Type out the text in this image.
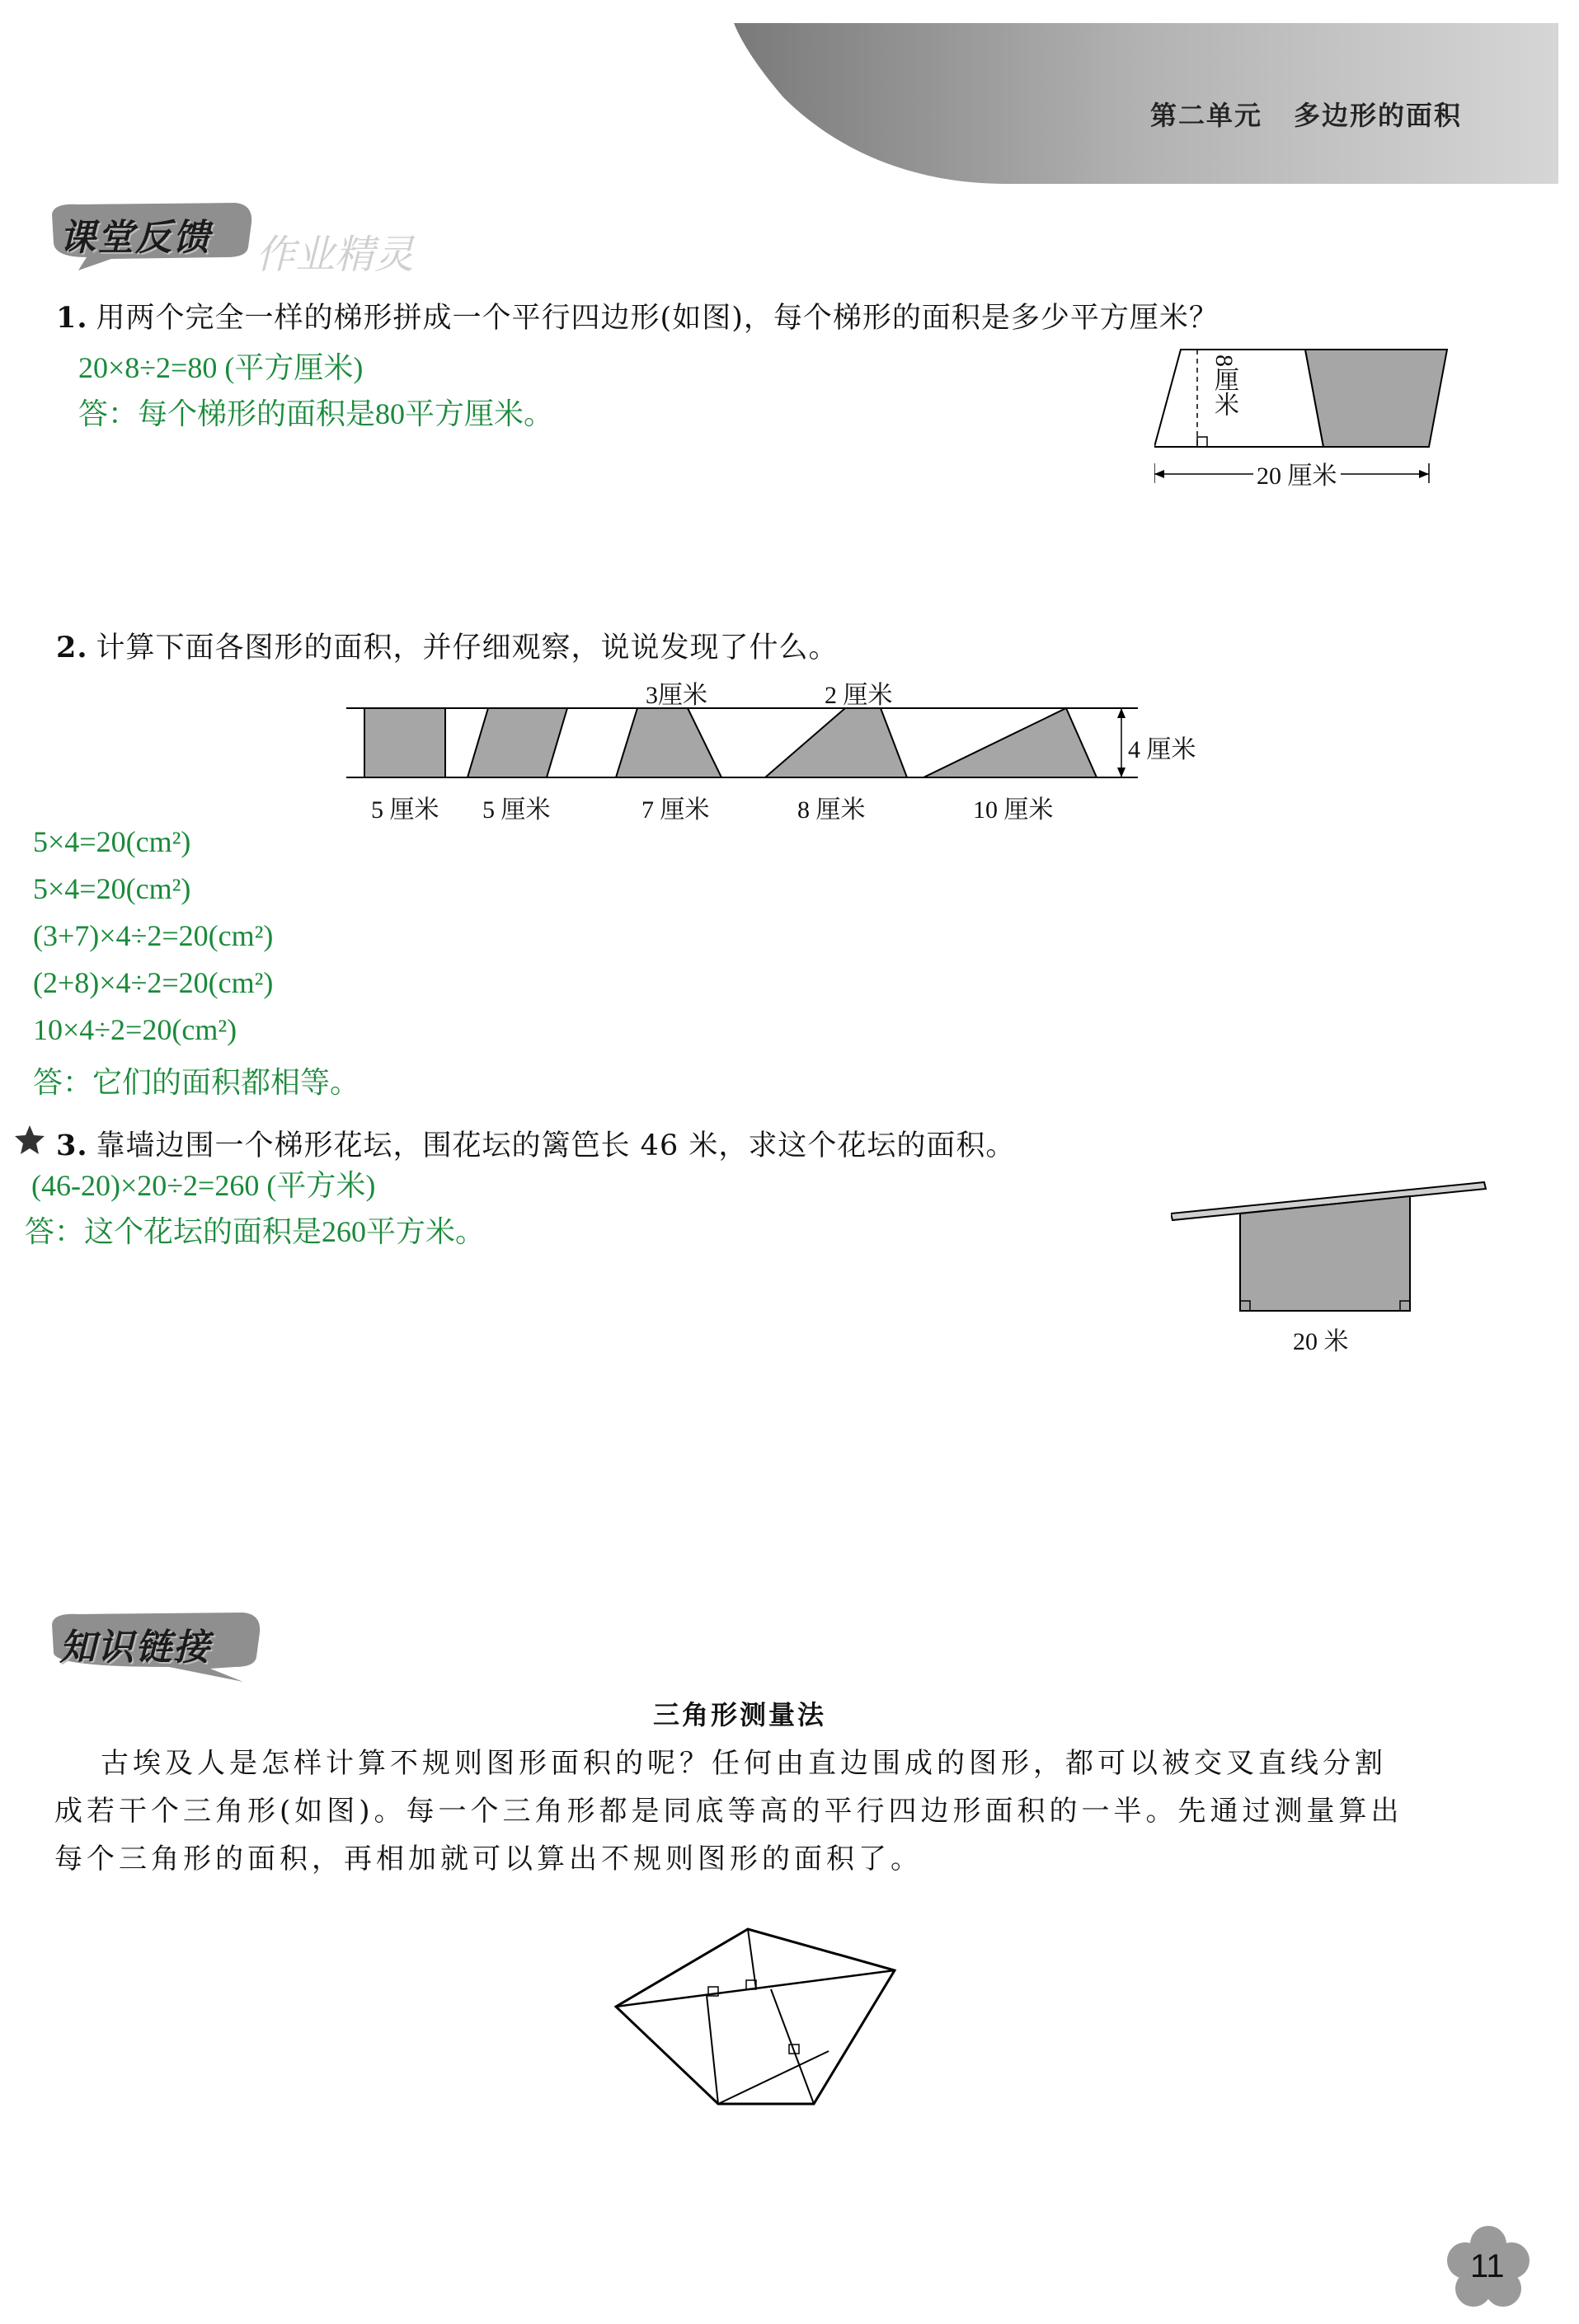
第二单元 多边形的面积
课堂反馈 作业精灵
1. 用两个完全一样的梯形拼成一个平行四边形(如图)，每个梯形的面积是多少平方厘米？
20×8÷2=80 (平方厘米)
答：每个梯形的面积是80平方厘米。	8厘米
20 厘米
2. 计算下面各图形的面积，并仔细观察，说说发现了什么。
3厘米	2 厘米
4 厘米
5 厘米 5 厘米	7 厘米	8 厘米	10 厘米
5×4=20(cm²)
5×4=20(cm²)
(3+7)×4÷2=20(cm²)
(2+8)×4÷2=20(cm²)
10×4÷2=20(cm²)
答：它们的面积都相等。
3. 靠墙边围一个梯形花坛，围花坛的篱笆长 46 米，求这个花坛的面积。
(46-20)×20÷2=260 (平方米)
答：这个花坛的面积是260平方米。
20 米
知识链接
三角形测量法
古埃及人是怎样计算不规则图形面积的呢？任何由直边围成的图形，都可以被交叉直线分割
成若干个三角形(如图)。每一个三角形都是同底等高的平行四边形面积的一半。先通过测量算出
每个三角形的面积，再相加就可以算出不规则图形的面积了。
11
